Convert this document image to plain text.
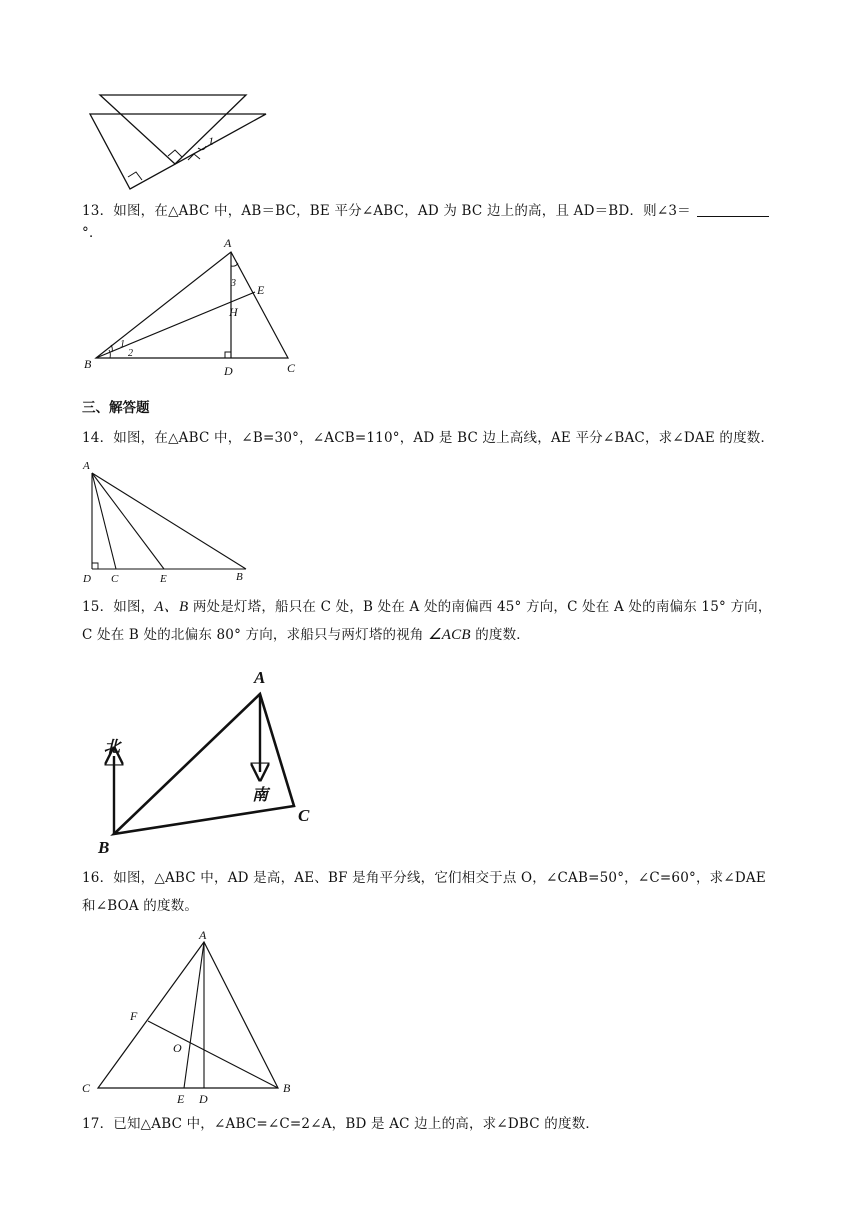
1
13．如图，在△ABC 中，AB＝BC，BE 平分∠ABC，AD 为 BC 边上的高，且 AD＝BD．则∠3＝°．
A
B	C
D
E
H
1
2
3
三、解答题
14．如图，在△ABC 中，∠B=30°，∠ACB=110°，AD 是 BC 边上高线，AE 平分∠BAC，求∠DAE 的度数．
A
D C	E	B
15．如图，A、B 两处是灯塔，船只在 C 处，B 处在 A 处的南偏西 45° 方向，C 处在 A 处的南偏东 15° 方向，C 处在 B 处的北偏东 80° 方向，求船只与两灯塔的视角 ∠ACB 的度数．
A
B
C
北
南
16．如图，△ABC 中，AD 是高，AE、BF 是角平分线，它们相交于点 O，∠CAB=50°，∠C=60°，求∠DAE 和∠BOA 的度数。
A
C	B
F
O
E D
17．已知△ABC 中，∠ABC=∠C=2∠A，BD 是 AC 边上的高，求∠DBC 的度数．
